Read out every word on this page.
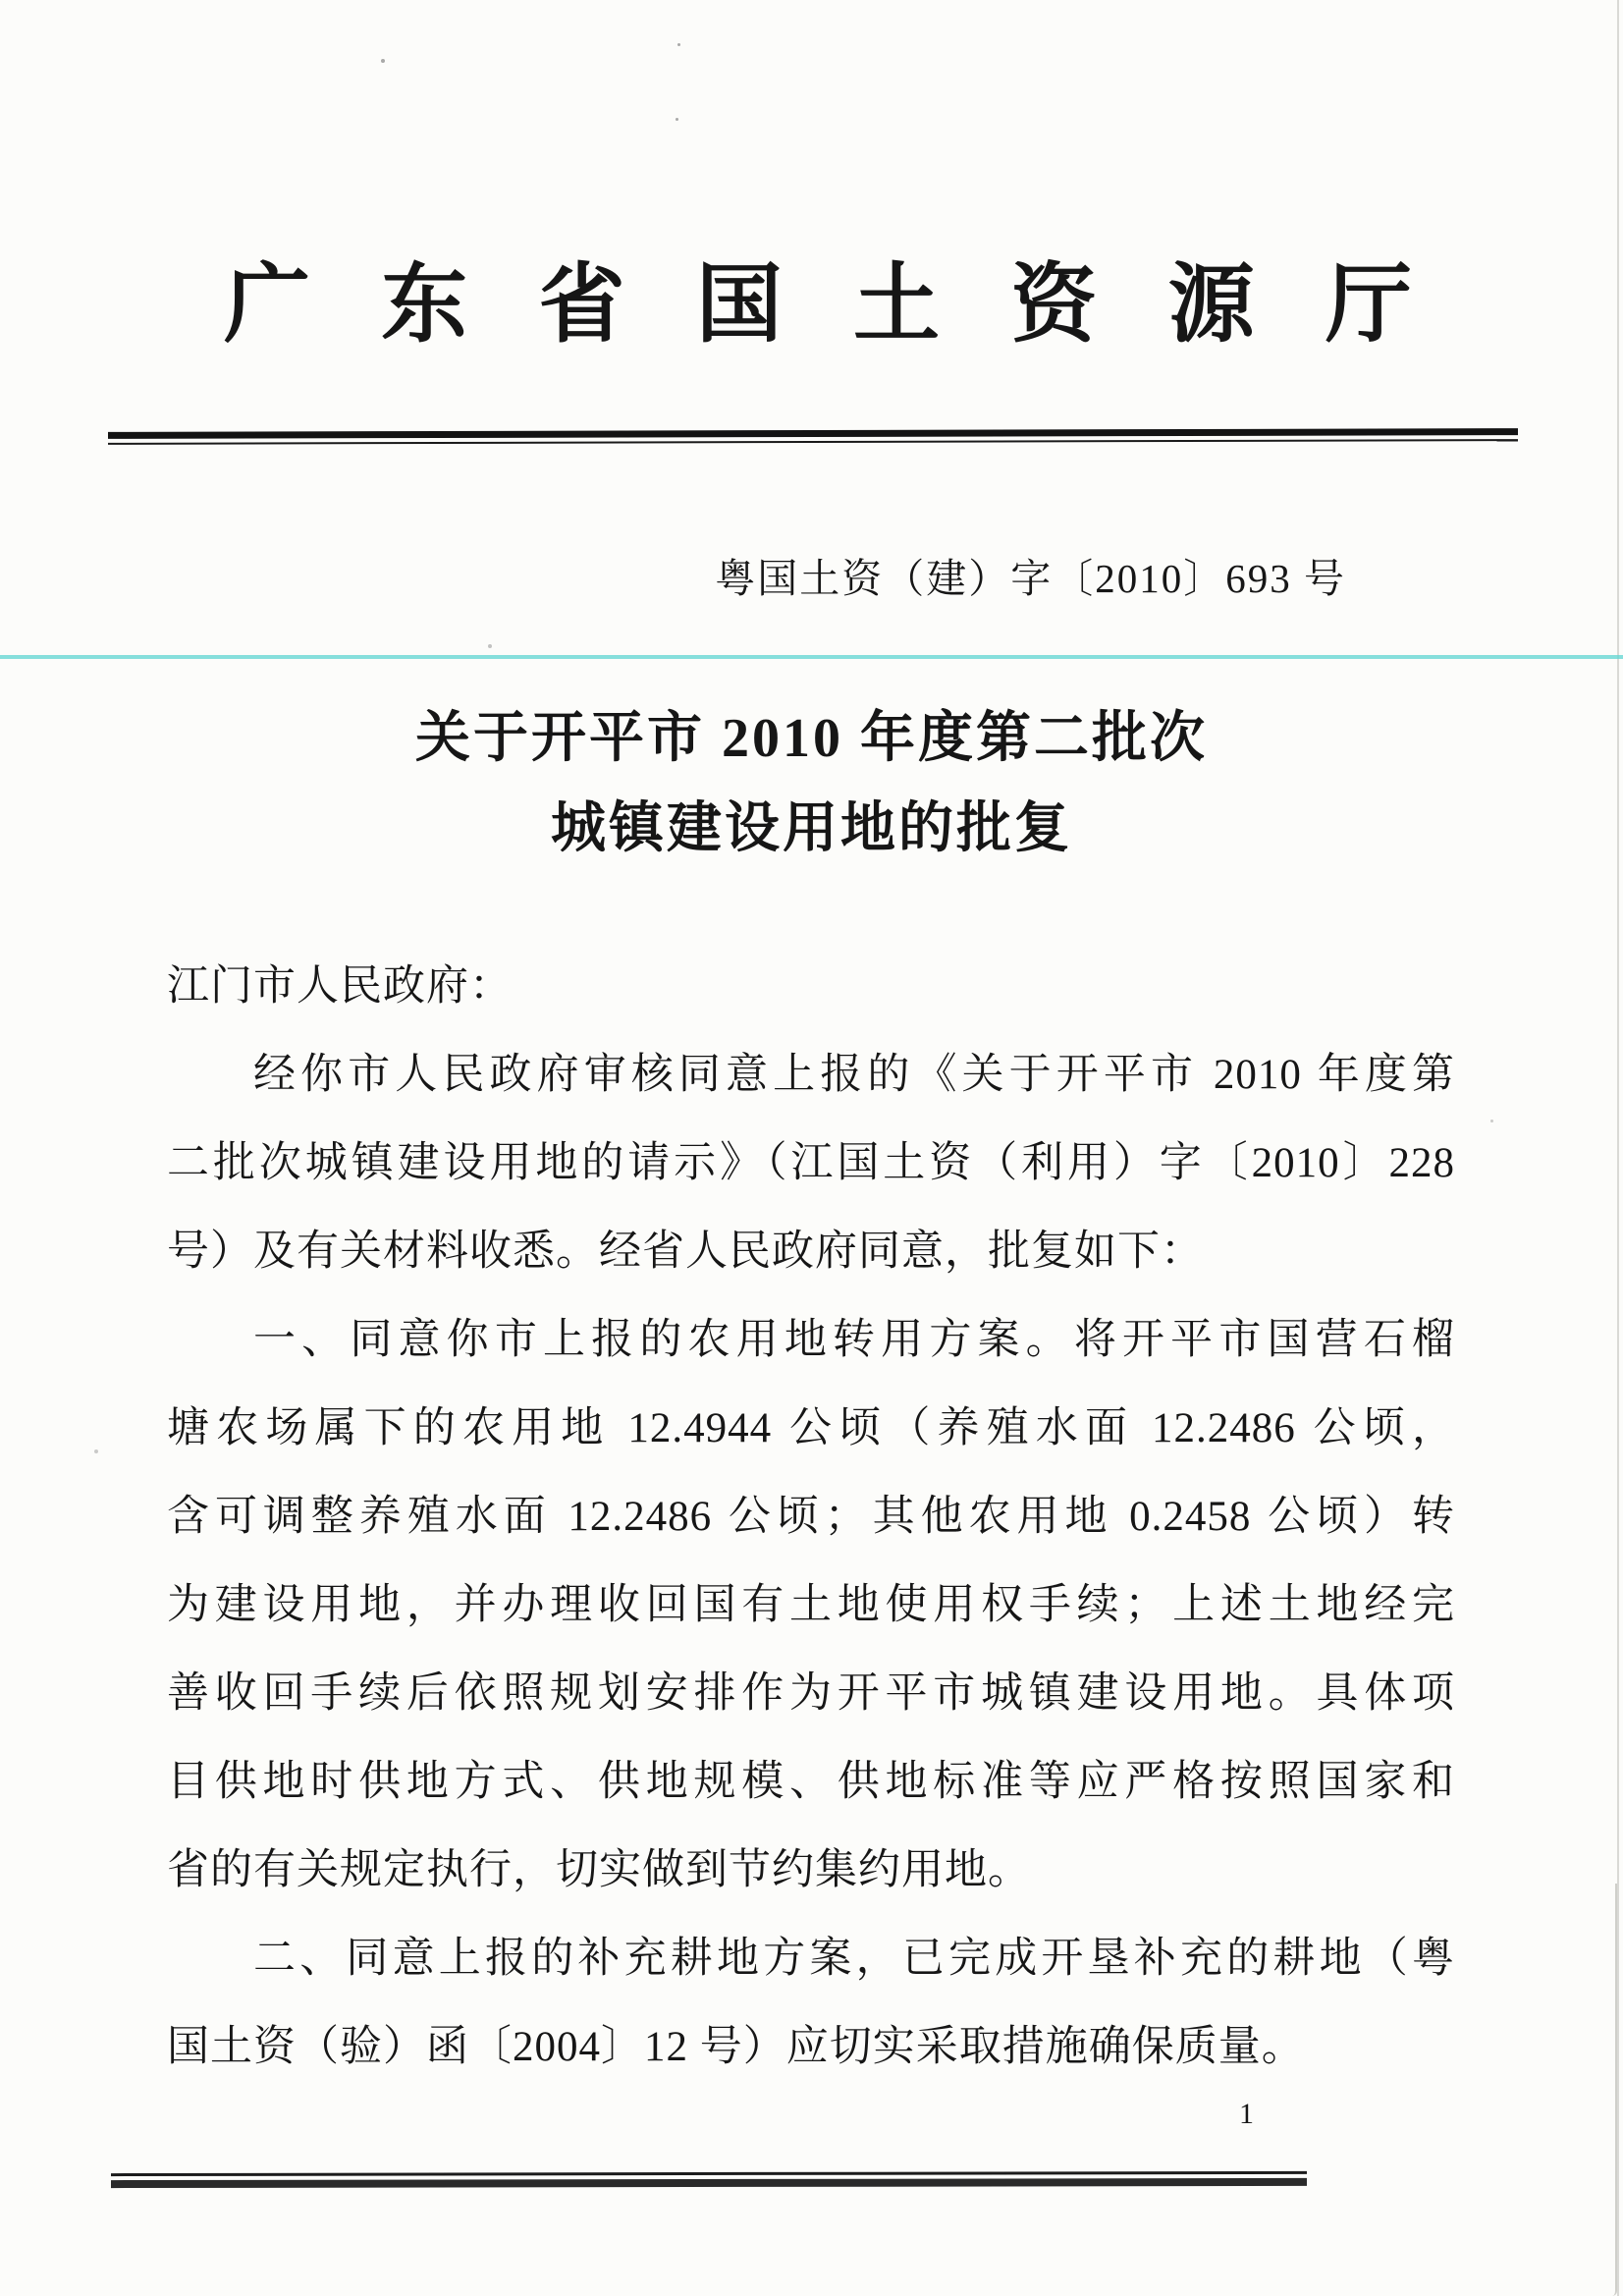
广 东 省 国 土 资 源 厅
粤国土资（建）字〔2010〕693 号
关于开平市 2010 年度第二批次
城镇建设用地的批复
江门市人民政府：
经你市人民政府审核同意上报的《关于开平市 2010 年度第
二批次城镇建设用地的请示》（江国土资（利用）字〔2010〕228
号）及有关材料收悉。经省人民政府同意，批复如下：
一、同意你市上报的农用地转用方案。将开平市国营石榴
塘农场属下的农用地 12.4944 公顷（养殖水面 12.2486 公顷，
含可调整养殖水面 12.2486 公顷；其他农用地 0.2458 公顷）转
为建设用地，并办理收回国有土地使用权手续；上述土地经完
善收回手续后依照规划安排作为开平市城镇建设用地。具体项
目供地时供地方式、供地规模、供地标准等应严格按照国家和
省的有关规定执行，切实做到节约集约用地。
二、同意上报的补充耕地方案，已完成开垦补充的耕地（粤
国土资（验）函〔2004〕12 号）应切实采取措施确保质量。
1
